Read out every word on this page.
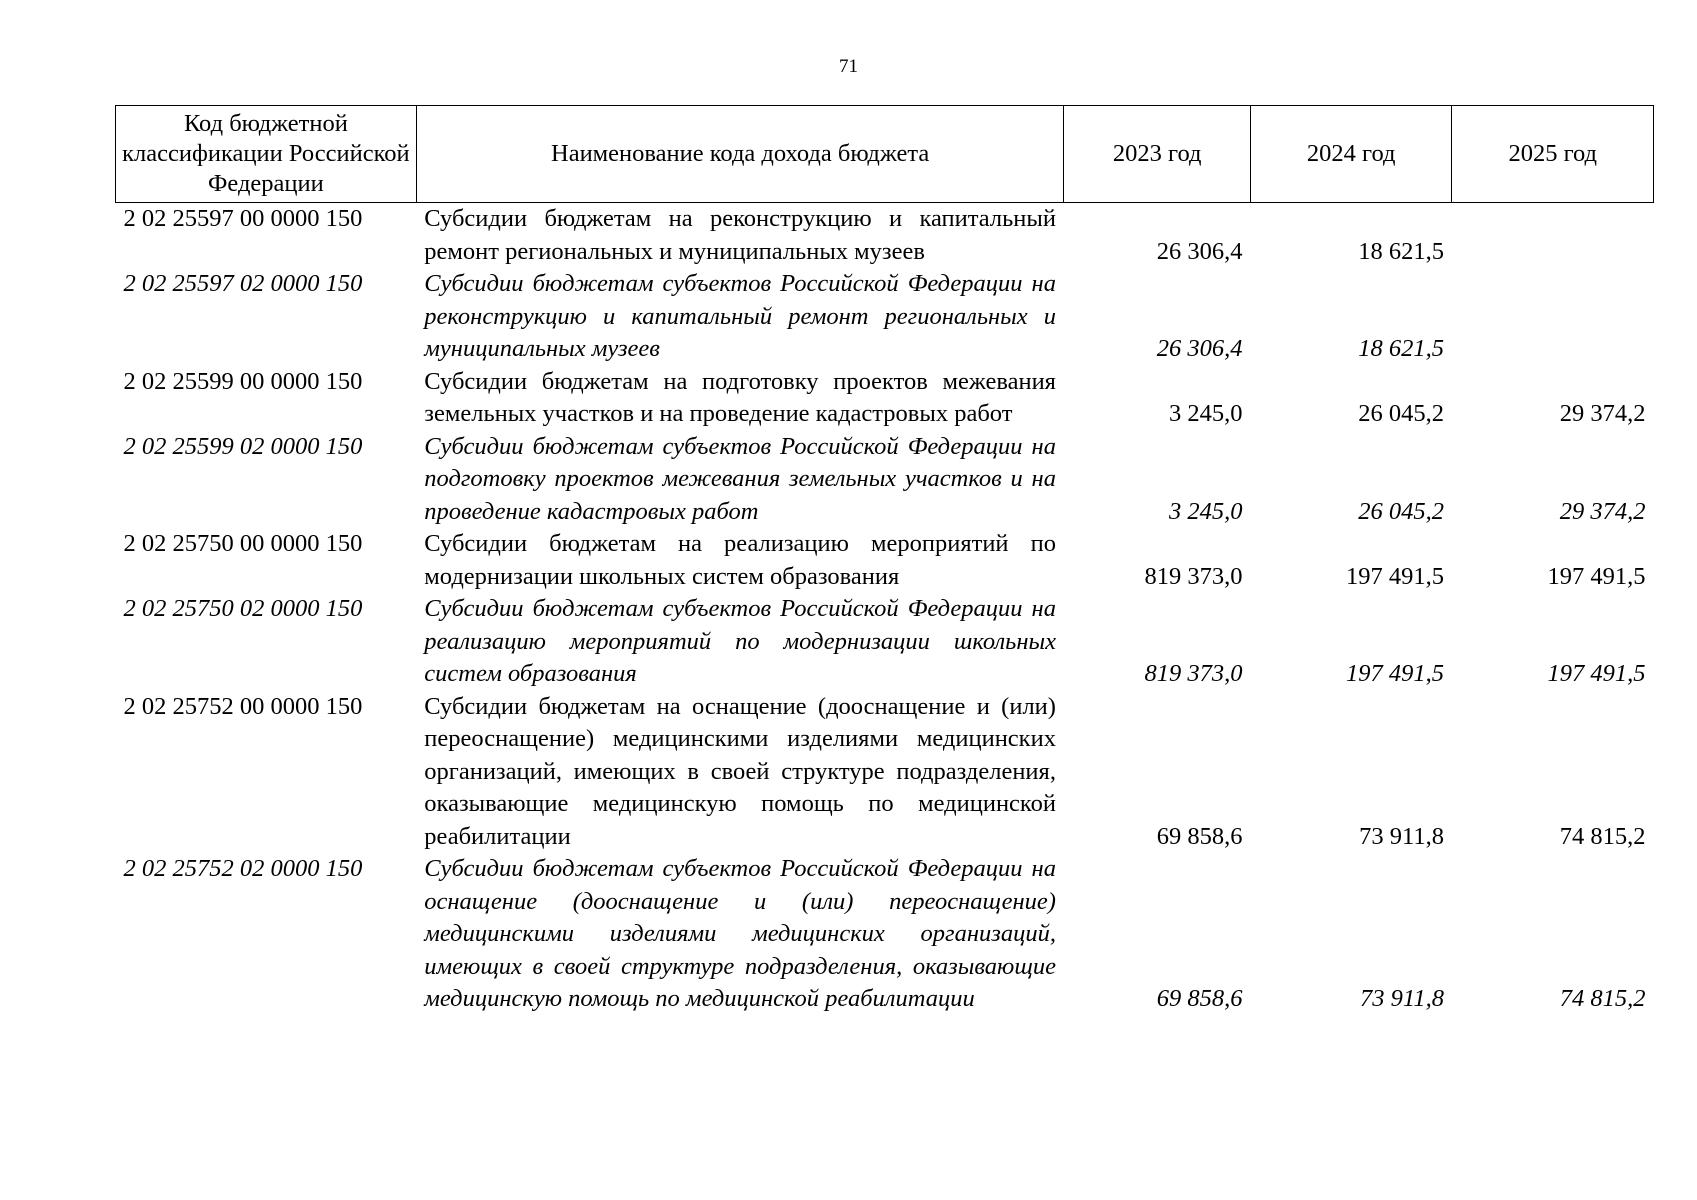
71
Код бюджетной классификации Российской Федерации	Наименование кода дохода бюджета	2023 год	2024 год	2025 год
2 02 25597 00 0000 150	Субсидии бюджетам на реконструкцию и капитальный ремонт региональных и муниципальных музеев	26 306,4	18 621,5	
2 02 25597 02 0000 150	Субсидии бюджетам субъектов Российской Федерации на реконструкцию и капитальный ремонт региональных и муниципальных музеев	26 306,4	18 621,5	
2 02 25599 00 0000 150	Субсидии бюджетам на подготовку проектов межевания земельных участков и на проведение кадастровых работ	3 245,0	26 045,2	29 374,2
2 02 25599 02 0000 150	Субсидии бюджетам субъектов Российской Федерации на подготовку проектов межевания земельных участков и на проведение кадастровых работ	3 245,0	26 045,2	29 374,2
2 02 25750 00 0000 150	Субсидии бюджетам на реализацию мероприятий по модернизации школьных систем образования	819 373,0	197 491,5	197 491,5
2 02 25750 02 0000 150	Субсидии бюджетам субъектов Российской Федерации на реализацию мероприятий по модернизации школьных систем образования	819 373,0	197 491,5	197 491,5
2 02 25752 00 0000 150	Субсидии бюджетам на оснащение (дооснащение и (или) переоснащение) медицинскими изделиями медицинских организаций, имеющих в своей структуре подразделения, оказывающие медицинскую помощь по медицинской реабилитации	69 858,6	73 911,8	74 815,2
2 02 25752 02 0000 150	Субсидии бюджетам субъектов Российской Федерации на оснащение (дооснащение и (или) переоснащение) медицинскими изделиями медицинских организаций, имеющих в своей структуре подразделения, оказывающие медицинскую помощь по медицинской реабилитации	69 858,6	73 911,8	74 815,2
